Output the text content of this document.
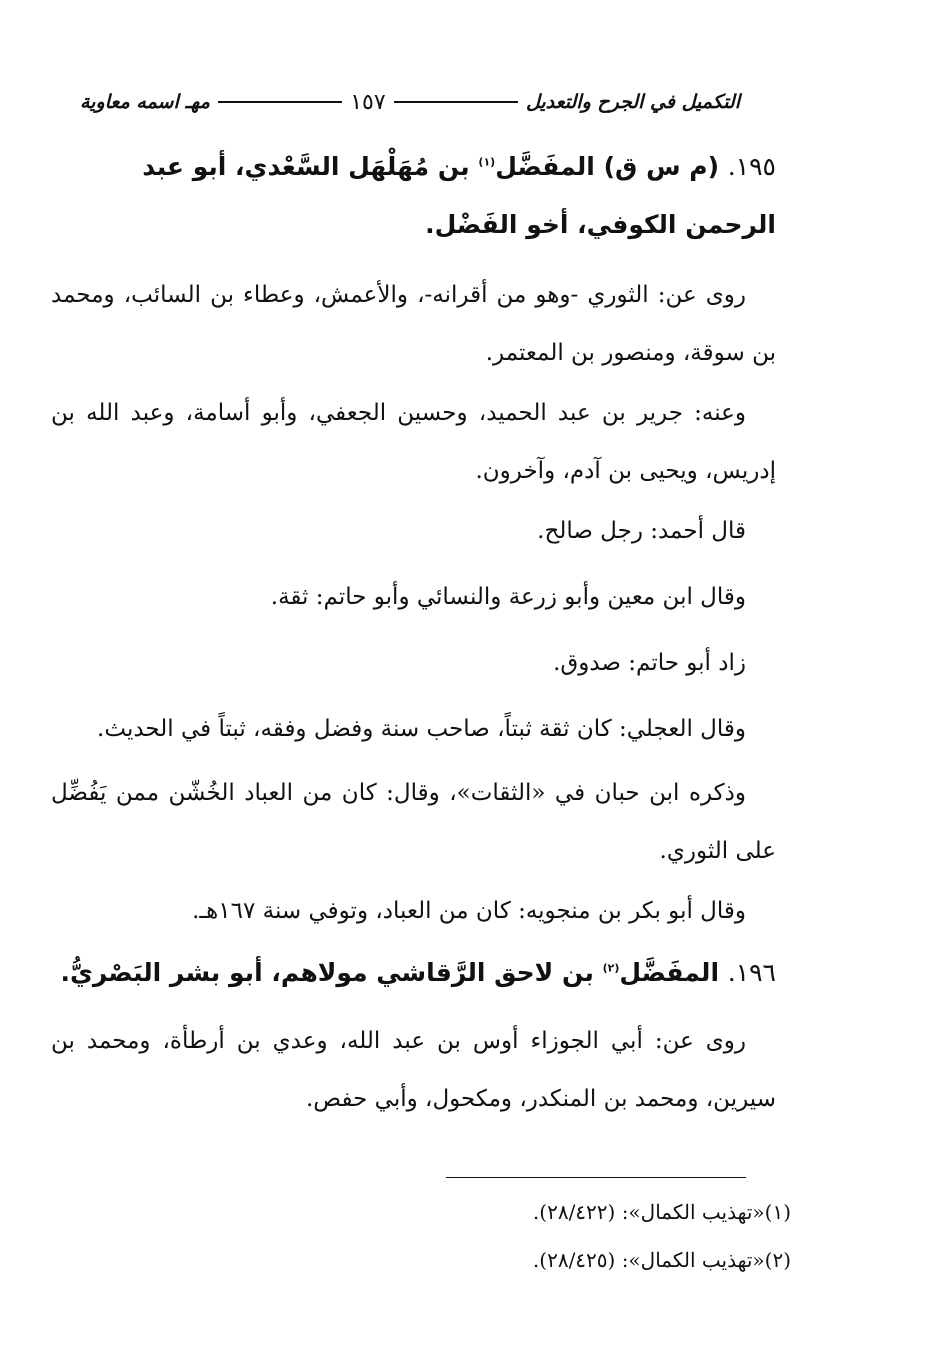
التكميل في الجرح والتعديل
١٥٧
مهـ اسمه معاوية
١٩٥. (م س ق) المفَضَّل$^{(١)}$ بن مُهَلْهَل السَّعْدي، أبو عبد الرحمن الكوفي، أخو الفَضْل.
روى عن: الثوري -وهو من أقرانه-، والأعمش، وعطاء بن السائب، ومحمد بن سوقة، ومنصور بن المعتمر.
وعنه: جرير بن عبد الحميد، وحسين الجعفي، وأبو أسامة، وعبد الله بن إدريس، ويحيى بن آدم، وآخرون.
قال أحمد: رجل صالح.
وقال ابن معين وأبو زرعة والنسائي وأبو حاتم: ثقة.
زاد أبو حاتم: صدوق.
وقال العجلي: كان ثقة ثبتاً، صاحب سنة وفضل وفقه، ثبتاً في الحديث.
وذكره ابن حبان في «الثقات»، وقال: كان من العباد الخُشّن ممن يَفُضِّل على الثوري.
وقال أبو بكر بن منجويه: كان من العباد، وتوفي سنة ١٦٧هـ.
١٩٦. المفَضَّل$^{(٢)}$ بن لاحق الرَّقاشي مولاهم، أبو بشر البَصْريُّ.
روى عن: أبي الجوزاء أوس بن عبد الله، وعدي بن أرطأة، ومحمد بن سيرين، ومحمد بن المنكدر، ومكحول، وأبي حفص.
(١)«تهذيب الكمال»: (٢٨/٤٢٢).
(٢)«تهذيب الكمال»: (٢٨/٤٢٥).
